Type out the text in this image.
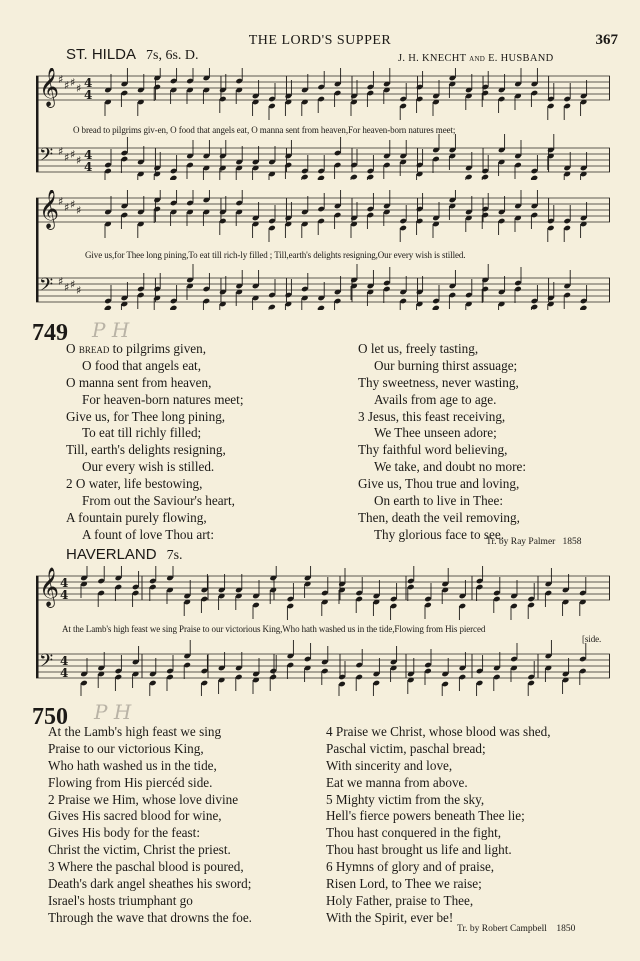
THE LORD'S SUPPER	367
ST. HILDA 7s, 6s. D.	J. H. KNECHT and E. HUSBAND
𝄞
♯ ♯ ♯ ♯ 4
4
𝄢 ♯ ♯ ♯ ♯ 4
4
O bread to pilgrims giv-en, O food that angels eat, O manna sent from heaven,For heaven-born natures meet;
𝄞
♯ ♯ ♯ ♯
𝄢 ♯ ♯ ♯ ♯
Give us,for Thee long pining,To eat till rich-ly filled ; Till,earth's delights resigning,Our every wish is stilled.
749 P H
O bread to pilgrims given,
O food that angels eat,
O manna sent from heaven,
For heaven-born natures meet;
Give us, for Thee long pining,
To eat till richly filled;
Till, earth's delights resigning,
Our every wish is stilled.
2 O water, life bestowing,
From out the Saviour's heart,
A fountain purely flowing,
A fount of love Thou art:
O let us, freely tasting,
Our burning thirst assuage;
Thy sweetness, never wasting,
Avails from age to age.
3 Jesus, this feast receiving,
We Thee unseen adore;
Thy faithful word believing,
We take, and doubt no more:
Give us, Thou true and loving,
On earth to live in Thee:
Then, death the veil removing,
Thy glorious face to see.
Tr. by Ray Palmer 1858
HAVERLAND 7s.
𝄞 4
4
𝄢 4
4
At the Lamb's high feast we sing Praise to our victorious King,Who hath washed us in the tide,Flowing from His pierced
[side.
750 P H
At the Lamb's high feast we sing
Praise to our victorious King,
Who hath washed us in the tide,
Flowing from His piercéd side.
2 Praise we Him, whose love divine
Gives His sacred blood for wine,
Gives His body for the feast:
Christ the victim, Christ the priest.
3 Where the paschal blood is poured,
Death's dark angel sheathes his sword;
Israel's hosts triumphant go
Through the wave that drowns the foe.
4 Praise we Christ, whose blood was shed,
Paschal victim, paschal bread;
With sincerity and love,
Eat we manna from above.
5 Mighty victim from the sky,
Hell's fierce powers beneath Thee lie;
Thou hast conquered in the fight,
Thou hast brought us life and light.
6 Hymns of glory and of praise,
Risen Lord, to Thee we raise;
Holy Father, praise to Thee,
With the Spirit, ever be!
Tr. by Robert Campbell 1850
